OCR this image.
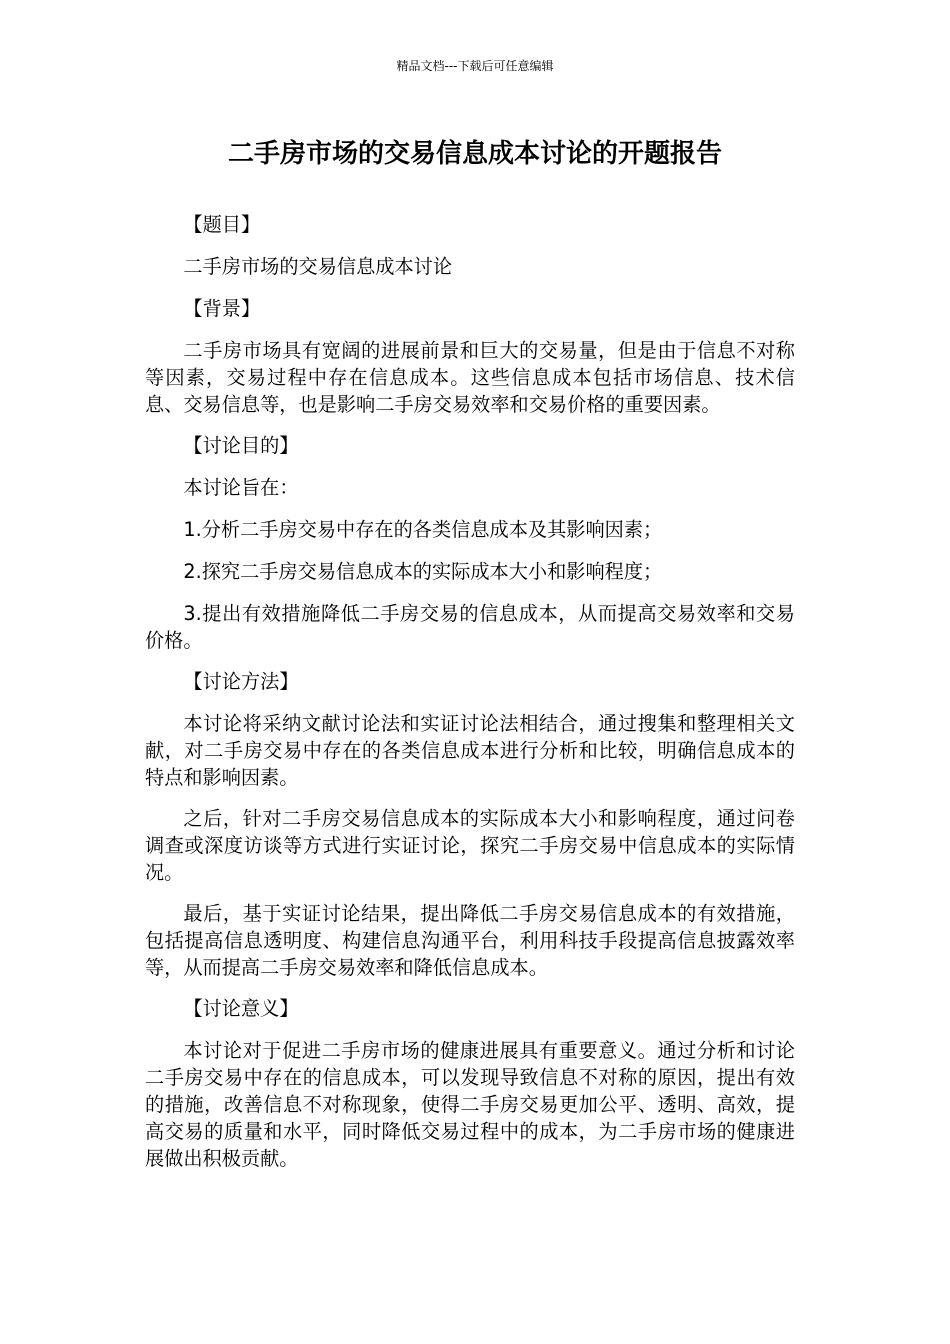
精品文档---下载后可任意编辑
二手房市场的交易信息成本讨论的开题报告

【题目】

二手房市场的交易信息成本讨论

【背景】

二手房市场具有宽阔的进展前景和巨大的交易量，但是由于信息不对称等因素，交易过程中存在信息成本。这些信息成本包括市场信息、技术信息、交易信息等，也是影响二手房交易效率和交易价格的重要因素。

【讨论目的】

本讨论旨在：

1.分析二手房交易中存在的各类信息成本及其影响因素；

2.探究二手房交易信息成本的实际成本大小和影响程度；

3.提出有效措施降低二手房交易的信息成本，从而提高交易效率和交易价格。

【讨论方法】

本讨论将采纳文献讨论法和实证讨论法相结合，通过搜集和整理相关文献，对二手房交易中存在的各类信息成本进行分析和比较，明确信息成本的特点和影响因素。

之后，针对二手房交易信息成本的实际成本大小和影响程度，通过问卷调查或深度访谈等方式进行实证讨论，探究二手房交易中信息成本的实际情况。

最后，基于实证讨论结果，提出降低二手房交易信息成本的有效措施，包括提高信息透明度、构建信息沟通平台，利用科技手段提高信息披露效率等，从而提高二手房交易效率和降低信息成本。

【讨论意义】

本讨论对于促进二手房市场的健康进展具有重要意义。通过分析和讨论二手房交易中存在的信息成本，可以发现导致信息不对称的原因，提出有效的措施，改善信息不对称现象，使得二手房交易更加公平、透明、高效，提高交易的质量和水平，同时降低交易过程中的成本，为二手房市场的健康进展做出积极贡献。
